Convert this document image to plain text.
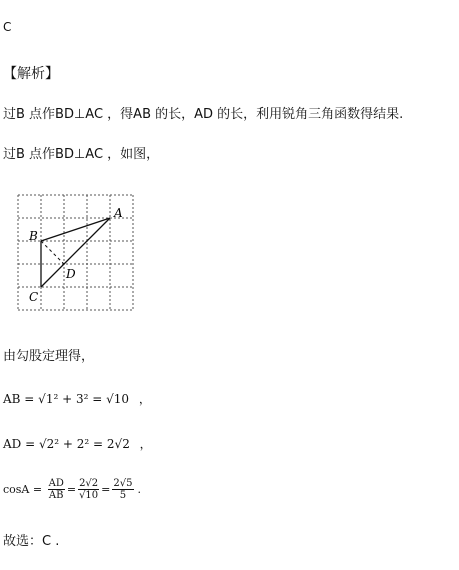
C
【解析】
过B 点作BD⊥AC ，得AB 的长，AD 的长，利用锐角三角函数得结果.
过B 点作BD⊥AC ，如图，
A
B
C
D
由勾股定理得，
AB = √1² + 3² = √10 ，
AD = √2² + 2² = 2√2 ，
$\cos A = \frac{AD}{AB} = \frac{2√2}{√10} = \frac{2√5}{5}$ .
故选：C .
